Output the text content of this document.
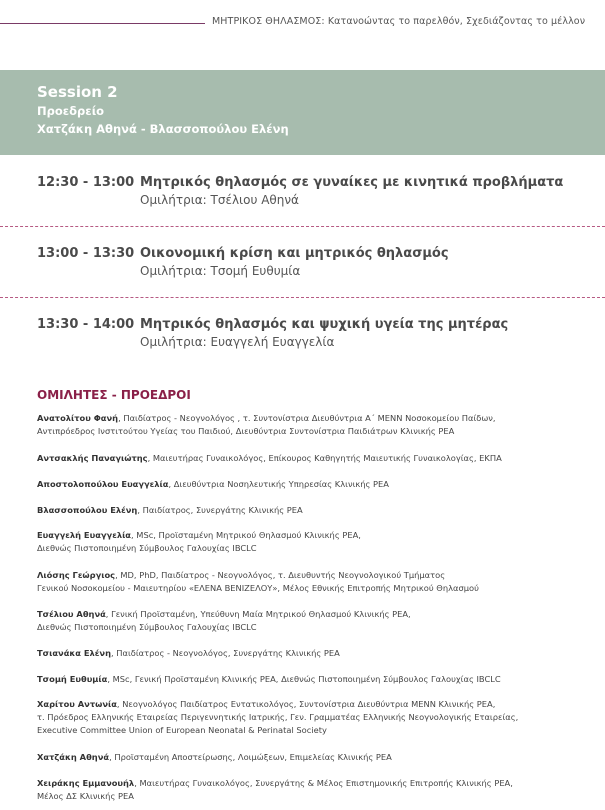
ΜΗΤΡΙΚΟΣ ΘΗΛΑΣΜΟΣ: Κατανοώντας το παρελθόν, Σχεδιάζοντας το μέλλον
Session 2
Προεδρείο
Χατζάκη Αθηνά - Βλασσοπούλου Ελένη
12:30 - 13:00 Μητρικός θηλασμός σε γυναίκες με κινητικά προβλήματα
Ομιλήτρια: Τσέλιου Αθηνά
13:00 - 13:30 Οικονομική κρίση και μητρικός θηλασμός
Ομιλήτρια: Τσομή Ευθυμία
13:30 - 14:00 Μητρικός θηλασμός και ψυχική υγεία της μητέρας
Ομιλήτρια: Ευαγγελή Ευαγγελία
ΟΜΙΛΗΤΕΣ - ΠΡΟΕΔΡΟΙ
Ανατολίτου Φανή, Παιδίατρος - Νεογνολόγος , τ. Συντονίστρια Διευθύντρια Α΄ ΜΕΝΝ Νοσοκομείου Παίδων,
Αντιπρόεδρος Ινστιτούτου Υγείας του Παιδιού, Διευθύντρια Συντονίστρια Παιδιάτρων Κλινικής ΡΕΑ
Αντσακλής Παναγιώτης, Μαιευτήρας Γυναικολόγος, Επίκουρος Καθηγητής Μαιευτικής Γυναικολογίας, ΕΚΠΑ
Αποστολοπούλου Ευαγγελία, Διευθύντρια Νοσηλευτικής Υπηρεσίας Κλινικής ΡΕΑ
Βλασσοπούλου Ελένη, Παιδίατρος, Συνεργάτης Κλινικής ΡΕΑ
Ευαγγελή Ευαγγελία, MSc, Προϊσταμένη Μητρικού Θηλασμού Κλινικής ΡΕΑ,
Διεθνώς Πιστοποιημένη Σύμβουλος Γαλουχίας IBCLC
Λιόσης Γεώργιος, MD, PhD, Παιδίατρος - Νεογνολόγος, τ. Διευθυντής Νεογνολογικού Τμήματος
Γενικού Νοσοκομείου - Μαιευτηρίου «ΕΛΕΝΑ ΒΕΝΙΖΕΛΟΥ», Μέλος Εθνικής Επιτροπής Μητρικού Θηλασμού
Τσέλιου Αθηνά, Γενική Προϊσταμένη, Υπεύθυνη Μαία Μητρικού Θηλασμού Κλινικής ΡΕΑ,
Διεθνώς Πιστοποιημένη Σύμβουλος Γαλουχίας IBCLC
Τσιανάκα Ελένη, Παιδίατρος - Νεογνολόγος, Συνεργάτης Κλινικής ΡΕΑ
Τσομή Ευθυμία, MSc, Γενική Προϊσταμένη Κλινικής ΡΕΑ, Διεθνώς Πιστοποιημένη Σύμβουλος Γαλουχίας IBCLC
Χαρίτου Αντωνία, Νεογνολόγος Παιδίατρος Εντατικολόγος, Συντονίστρια Διευθύντρια ΜΕΝΝ Κλινικής ΡΕΑ,
τ. Πρόεδρος Ελληνικής Εταιρείας Περιγεννητικής Ιατρικής, Γεν. Γραμματέας Ελληνικής Νεογνολογικής Εταιρείας,
Executive Committee Union of European Neonatal & Perinatal Society
Χατζάκη Αθηνά, Προϊσταμένη Αποστείρωσης, Λοιμώξεων, Επιμελείας Κλινικής ΡΕΑ
Χειράκης Εμμανουήλ, Μαιευτήρας Γυναικολόγος, Συνεργάτης & Μέλος Επιστημονικής Επιτροπής Κλινικής ΡΕΑ,
Μέλος ΔΣ Κλινικής ΡΕΑ
